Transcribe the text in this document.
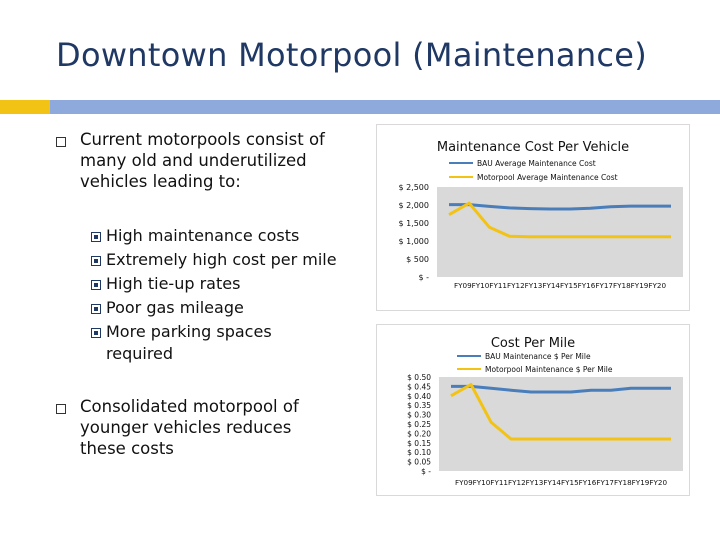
Downtown Motorpool (Maintenance)
Current motorpools consist of
many old and underutilized
vehicles leading to:
High maintenance costs
Extremely high cost per mile
High tie-up rates
Poor gas mileage
More parking spaces
required
Consolidated motorpool of
younger vehicles reduces
these costs
Maintenance Cost Per Vehicle
BAU Average Maintenance Cost
Motorpool Average Maintenance Cost
$ -
$ 500
$ 1,000
$ 1,500
$ 2,000
$ 2,500
FY09FY10FY11FY12FY13FY14FY15FY16FY17FY18FY19FY20
Cost Per Mile
BAU Maintenance $ Per Mile
Motorpool Maintenance $ Per Mile
$ -
$ 0.05
$ 0.10
$ 0.15
$ 0.20
$ 0.25
$ 0.30
$ 0.35
$ 0.40
$ 0.45
$ 0.50
FY09FY10FY11FY12FY13FY14FY15FY16FY17FY18FY19FY20
